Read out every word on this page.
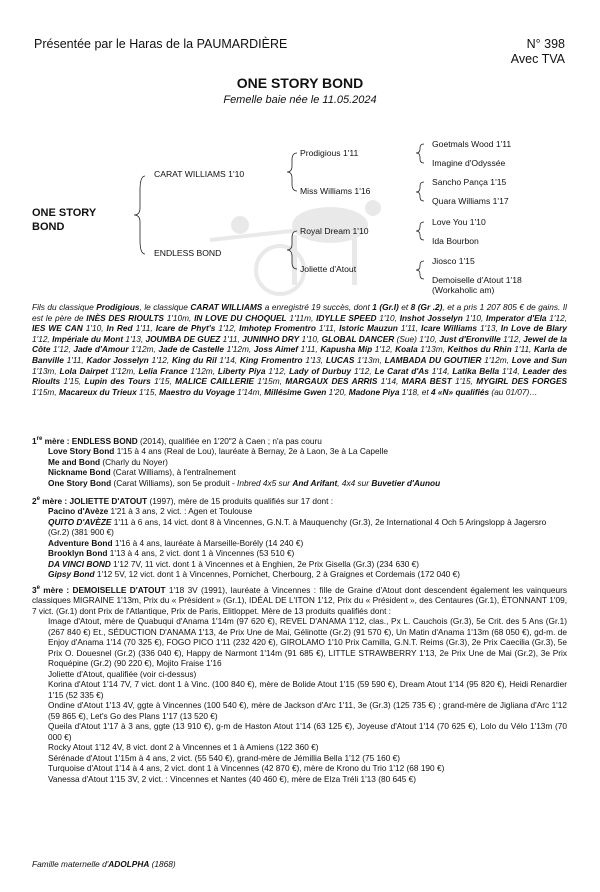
Présentée par le Haras de la PAUMARDIÈRE	N° 398
Avec TVA
ONE STORY BOND
Femelle baie née le 11.05.2024
ONE STORY
BOND
CARAT WILLIAMS 1'10
ENDLESS BOND
Prodigious 1'11
Miss Williams 1'16
Royal Dream 1'10
Joliette d'Atout
Goetmals Wood 1'11
Imagine d'Odyssée
Sancho Pança 1'15
Quara Williams 1'17
Love You 1'10
Ida Bourbon
Jiosco 1'15
Demoiselle d'Atout 1'18
(Workaholic am)
Fils du classique Prodigious, le classique CARAT WILLIAMS a enregistré 19 succès, dont 1 (Gr.I) et 8 (Gr .2), et a pris 1 207 805 € de gains. Il est le père de INÈS DES RIOULTS 1'10m, IN LOVE DU CHOQUEL 1'11m, IDYLLE SPEED 1'10, Inshot Josselyn 1'10, Imperator d'Ela 1'12, IES WE CAN 1'10, In Red 1'11, Icare de Phyt's 1'12, Imhotep Fromentro 1'11, Istoric Mauzun 1'11, Icare Williams 1'13, In Love de Blary 1'12, Impériale du Mont 1'13, JOUMBA DE GUEZ 1'11, JUNINHO DRY 1'10, GLOBAL DANCER (Sue) 1'10, Just d'Eronville 1'12, Jewel de la Côte 1'12, Jade d'Amour 1'12m, Jade de Castelle 1'12m, Joss Aimef 1'11, Kapusha Mip 1'12, Koala 1'13m, Keithos du Rhin 1'11, Karla de Banville 1'11, Kador Josselyn 1'12, King du Ril 1'14, King Fromentro 1'13, LUCAS 1'13m, LAMBADA DU GOUTIER 1'12m, Love and Sun 1'13m, Lola Dairpet 1'12m, Lelia France 1'12m, Liberty Piya 1'12, Lady of Durbuy 1'12, Le Carat d'As 1'14, Latika Bella 1'14, Leader des Rioults 1'15, Lupin des Tours 1'15, MALICE CAILLERIE 1'15m, MARGAUX DES ARRIS 1'14, MARA BEST 1'15, MYGIRL DES FORGES 1'15m, Macareux du Trieux 1'15, Maestro du Voyage 1'14m, Millésime Gwen 1'20, Madone Piya 1'18, et 4 «N» qualifiés (au 01/07)…
1re mère : ENDLESS BOND (2014), qualifiée en 1'20"2 à Caen ; n'a pas couru
Love Story Bond 1'15 à 4 ans (Real de Lou), lauréate à Bernay, 2e à Laon, 3e à La Capelle
Me and Bond (Charly du Noyer)
Nickname Bond (Carat Williams), à l'entraînement
One Story Bond (Carat Williams), son 5e produit - Inbred 4x5 sur And Arifant, 4x4 sur Buvetier d'Aunou
2e mère : JOLIETTE D'ATOUT (1997), mère de 15 produits qualifiés sur 17 dont :
Pacino d'Avèze 1'21 à 3 ans, 2 vict. : Agen et Toulouse
QUITO D'AVÈZE 1'11 à 6 ans, 14 vict. dont 8 à Vincennes, G.N.T. à Mauquenchy (Gr.3), 2e International 4 Och 5 Aringslopp à Jagersro (Gr.2) (381 900 €)
Adventure Bond 1'16 à 4 ans, lauréate à Marseille-Borély (14 240 €)
Brooklyn Bond 1'13 à 4 ans, 2 vict. dont 1 à Vincennes (53 510 €)
DA VINCI BOND 1'12 7V, 11 vict. dont 1 à Vincennes et à Enghien, 2e Prix Gisella (Gr.3) (234 630 €)
Gipsy Bond 1'12 5V, 12 vict. dont 1 à Vincennes, Pornichet, Cherbourg, 2 à Graignes et Cordemais (172 040 €)
3e mère : DEMOISELLE D'ATOUT 1'18 3V (1991), lauréate à Vincennes : fille de Graine d'Atout dont descendent également les vainqueurs classiques MIGRAINE 1'13m, Prix du « Président » (Gr.1), IDÉAL DE L'ITON 1'12, Prix du « Président », des Centaures (Gr.1), ÉTONNANT 1'09, 7 vict. (Gr.1) dont Prix de l'Atlantique, Prix de Paris, Elitloppet. Mère de 13 produits qualifiés dont :
Image d'Atout, mère de Quabuqui d'Anama 1'14m (97 620 €), REVEL D'ANAMA 1'12, clas., Px L. Cauchois (Gr.3), 5e Crit. des 5 Ans (Gr.1) (267 840 €) Et., SÉDUCTION D'ANAMA 1'13, 4e Prix Une de Mai, Gélinotte (Gr.2) (91 570 €), Un Matin d'Anama 1'13m (68 050 €), gd-m. de Enjoy d'Anama 1'14 (70 325 €), FOGO PICO 1'11 (232 420 €), GIROLAMO 1'10 Prix Camilla, G.N.T. Reims (Gr.3), 2e Prix Caecilia (Gr.3), 5e Prix O. Douesnel (Gr.2) (336 040 €), Happy de Narmont 1'14m (91 685 €), LITTLE STRAWBERRY 1'13, 2e Prix Une de Mai (Gr.2), 3e Prix Roquépine (Gr.2) (90 220 €), Mojito Fraise 1'16
Joliette d'Atout, qualifiée (voir ci-dessus)
Korina d'Atout 1'14 7V, 7 vict. dont 1 à Vinc. (100 840 €), mère de Bolide Atout 1'15 (59 590 €), Dream Atout 1'14 (95 820 €), Heidi Renardier 1'15 (52 335 €)
Ondine d'Atout 1'13 4V, ggte à Vincennes (100 540 €), mère de Jackson d'Arc 1'11, 3e (Gr.3) (125 735 €) ; grand-mère de Jigliana d'Arc 1'12 (59 865 €), Let's Go des Plans 1'17 (13 520 €)
Queila d'Atout 1'17 à 3 ans, ggte (13 910 €), g-m de Haston Atout 1'14 (63 125 €), Joyeuse d'Atout 1'14 (70 625 €), Lolo du Vélo 1'13m (70 000 €)
Rocky Atout 1'12 4V, 8 vict. dont 2 à Vincennes et 1 à Amiens (122 360 €)
Sérénade d'Atout 1'15m à 4 ans, 2 vict. (55 540 €), grand-mère de Jémillia Bella 1'12 (75 160 €)
Turquoise d'Atout 1'14 à 4 ans, 2 vict. dont 1 à Vincennes (42 870 €), mère de Krono du Trio 1'12 (68 190 €)
Vanessa d'Atout 1'15 3V, 2 vict. : Vincennes et Nantes (40 460 €), mère de Elza Tréli 1'13 (80 645 €)
Famille maternelle d'ADOLPHA (1868)
